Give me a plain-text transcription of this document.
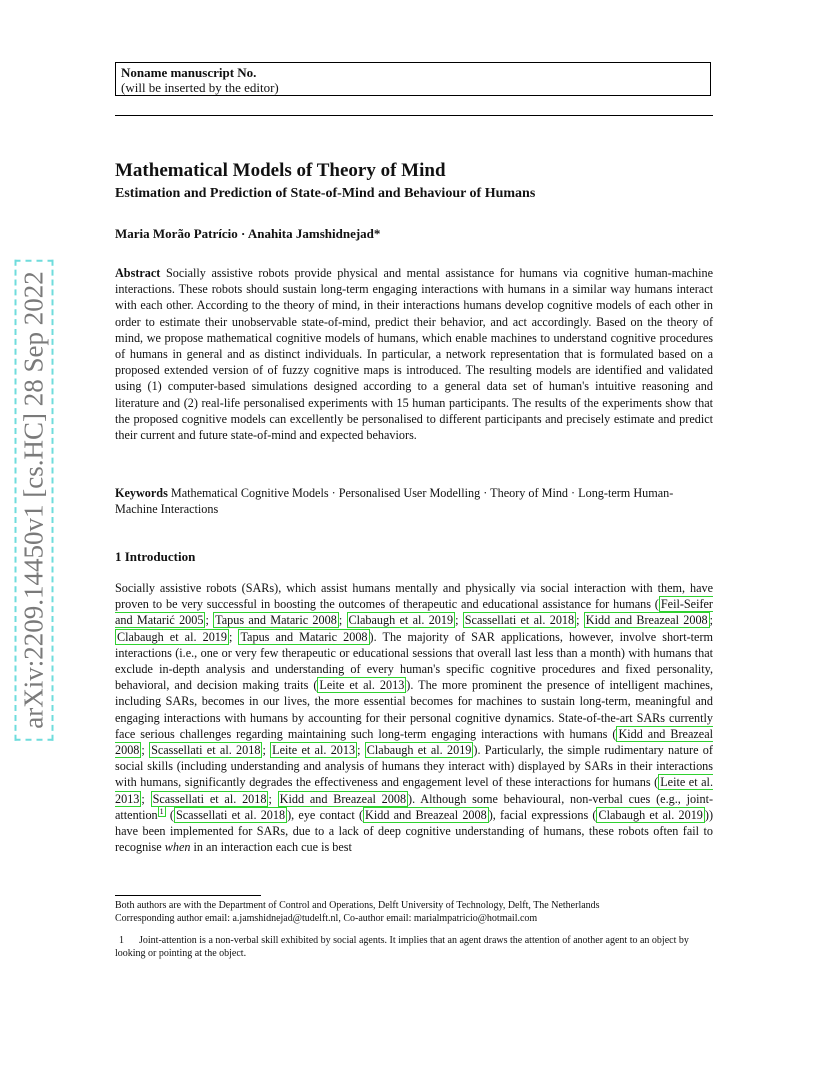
arXiv:2209.14450v1 [cs.HC] 28 Sep 2022
Noname manuscript No.
(will be inserted by the editor)
Mathematical Models of Theory of Mind
Estimation and Prediction of State-of-Mind and Behaviour of Humans
Maria Morão Patrício · Anahita Jamshidnejad*
Abstract Socially assistive robots provide physical and mental assistance for humans via cognitive human-machine interactions. These robots should sustain long-term engaging interactions with humans in a similar way humans interact with each other. According to the theory of mind, in their interactions humans develop cognitive models of each other in order to estimate their unobservable state-of-mind, predict their behavior, and act accordingly. Based on the theory of mind, we propose mathematical cognitive models of humans, which enable machines to understand cognitive procedures of humans in general and as distinct individuals. In particular, a network representation that is formulated based on a proposed extended version of of fuzzy cognitive maps is introduced. The resulting models are identified and validated using (1) computer-based simulations designed according to a general data set of human's intuitive reasoning and literature and (2) real-life personalised experiments with 15 human participants. The results of the experiments show that the proposed cognitive models can excellently be personalised to different participants and precisely estimate and predict their current and future state-of-mind and expected behaviors.
Keywords Mathematical Cognitive Models · Personalised User Modelling · Theory of Mind · Long-term Human-Machine Interactions
1 Introduction
Socially assistive robots (SARs), which assist humans mentally and physically via social interaction with them, have proven to be very successful in boosting the outcomes of therapeutic and educational assistance for humans ( Feil-Seifer and Matarić 2005 ; Tapus and Mataric 2008 ; Clabaugh et al. 2019 ; Scassellati et al. 2018 ; Kidd and Breazeal 2008 ; Clabaugh et al. 2019 ; Tapus and Mataric 2008 ). The majority of SAR applications, however, involve short-term interactions (i.e., one or very few therapeutic or educational sessions that overall last less than a month) with humans that exclude in-depth analysis and understanding of every human's specific cognitive procedures and fixed personality, behavioral, and decision making traits ( Leite et al. 2013 ). The more prominent the presence of intelligent machines, including SARs, becomes in our lives, the more essential becomes for machines to sustain long-term, meaningful and engaging interactions with humans by accounting for their personal cognitive dynamics. State-of-the-art SARs currently face serious challenges regarding maintaining such long-term engaging interactions with humans ( Kidd and Breazeal 2008 ; Scassellati et al. 2018 ; Leite et al. 2013 ; Clabaugh et al. 2019 ). Particularly, the simple rudimentary nature of social skills (including understanding and analysis of humans they interact with) displayed by SARs in their interactions with humans, significantly degrades the effectiveness and engagement level of these interactions for humans ( Leite et al. 2013 ; Scassellati et al. 2018 ; Kidd and Breazeal 2008 ). Although some behavioural, non-verbal cues (e.g., joint-attention $^1$ ( Scassellati et al. 2018 ), eye contact ( Kidd and Breazeal 2008 ), facial expressions ( Clabaugh et al. 2019 )) have been implemented for SARs, due to a lack of deep cognitive understanding of humans, these robots often fail to recognise when in an interaction each cue is best
Both authors are with the Department of Control and Operations, Delft University of Technology, Delft, The Netherlands
Corresponding author email: a.jamshidnejad@tudelft.nl, Co-author email: marialmpatricio@hotmail.com
1 Joint-attention is a non-verbal skill exhibited by social agents. It implies that an agent draws the attention of another agent to an object by looking or pointing at the object.
